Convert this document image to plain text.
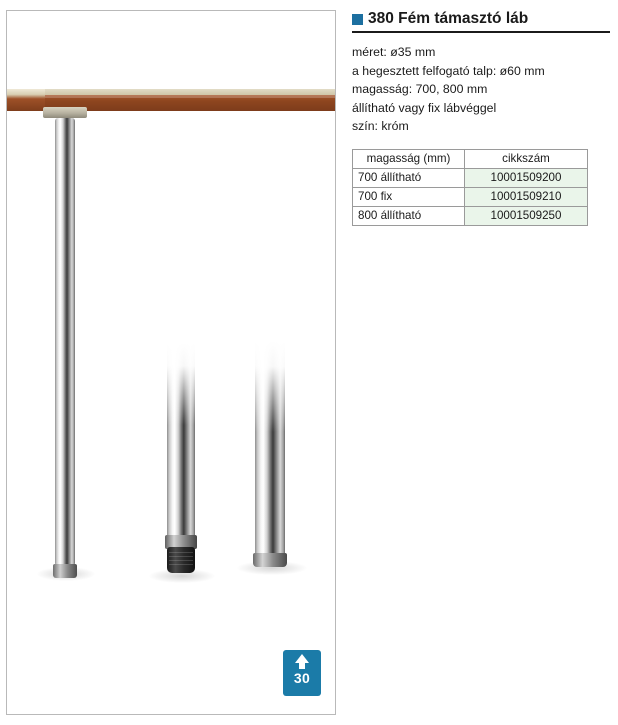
30
380 Fém támasztó láb
méret: ø35 mm
a hegesztett felfogató talp: ø60 mm
magasság: 700, 800 mm
állítható vagy fix lábvéggel
szín: króm
magasság (mm)	cikkszám
700 állítható	10001509200
700 fix	10001509210
800 állítható	10001509250
